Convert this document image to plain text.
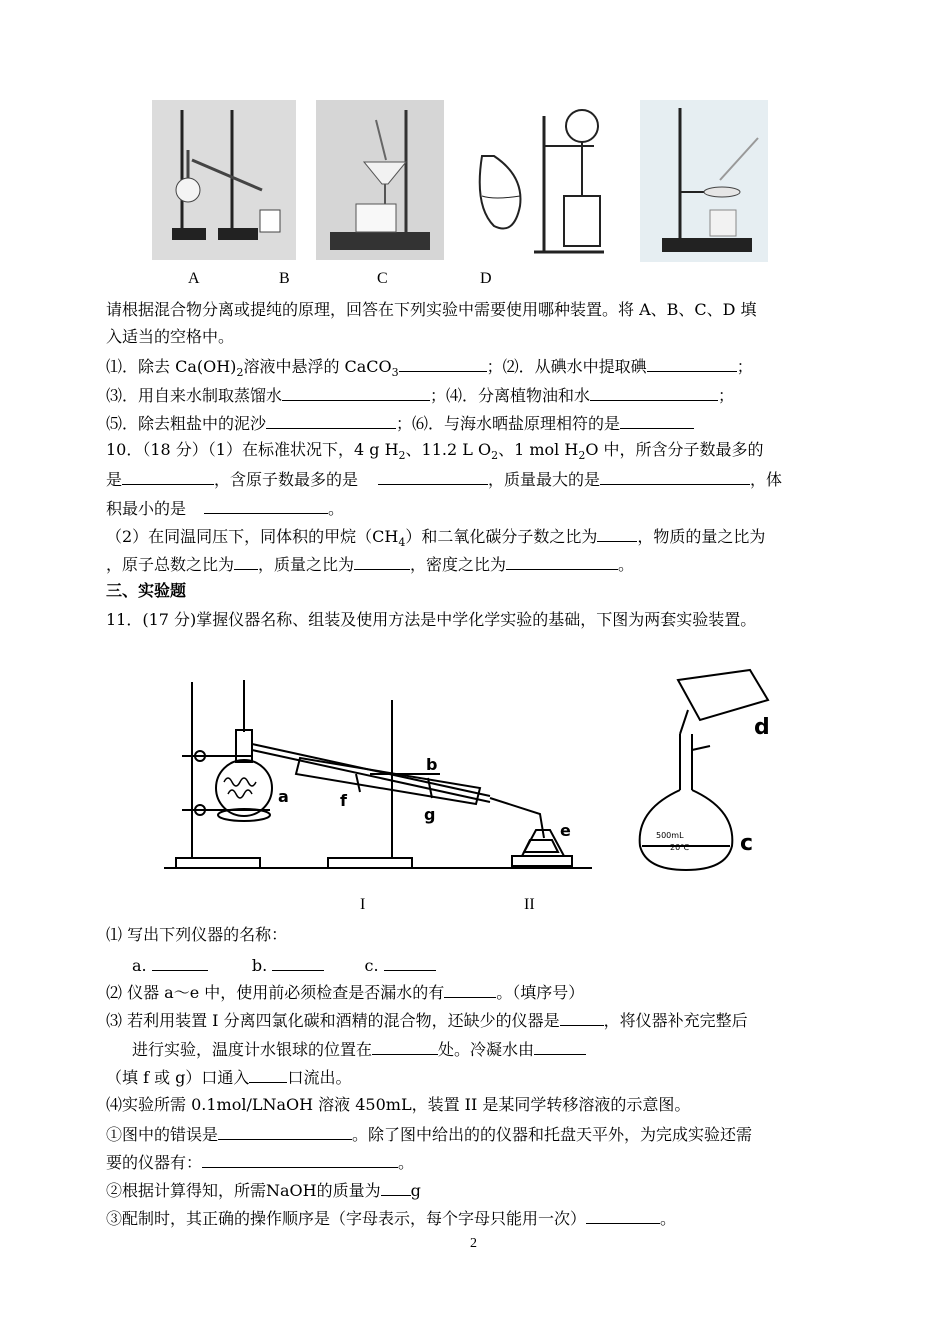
A	B	C	D
请根据混合物分离或提纯的原理，回答在下列实验中需要使用哪种装置。将 A、B、C、D 填
入适当的空格中。
⑴．除去 $Ca(OH)_2$溶液中悬浮的 CaCO$_3$	；⑵．从碘水中提取碘	；
⑶．用自来水制取蒸馏水	；⑷．分离植物油和水	；
⑸．除去粗盐中的泥沙	；⑹．与海水晒盐原理相符的是
10．（18 分）（1）在标准状况下，4 g $H_2$、11.2 L $O_2$、1 mol $H_2O$ 中，所含分子数最多的
是	，含原子数最多的是	，质量最大的是	，体
积最小的是	。
（2）在同温同压下，同体积的甲烷$(CH_4)$和二氧化碳分子数之比为	，物质的量之比为
，原子总数之比为 ，质量之比为	，密度之比为	。
三、实验题
11．(17 分)掌握仪器名称、组装及使用方法是中学化学实验的基础，下图为两套实验装置。
a
b
e
f
g
d
c
500mL
20℃
I	II
⑴ 写出下列仪器的名称：
a.	b.	c.
⑵ 仪器 a～e 中，使用前必须检查是否漏水的有	。（填序号）
⑶ 若利用装置 I 分离四氯化碳和酒精的混合物，还缺少的仪器是	，将仪器补充完整后
进行实验，温度计水银球的位置在	处。冷凝水由
（填 f 或 g）口通入 口流出。
⑷实验所需 0.1mol/LNaOH 溶液 450mL，装置 II 是某同学转移溶液的示意图。
①图中的错误是	。除了图中给出的的仪器和托盘天平外，为完成实验还需
要的仪器有：	。
②根据计算得知，所需NaOH的质量为 g
③配制时，其正确的操作顺序是（字母表示，每个字母只能用一次）	。
2
